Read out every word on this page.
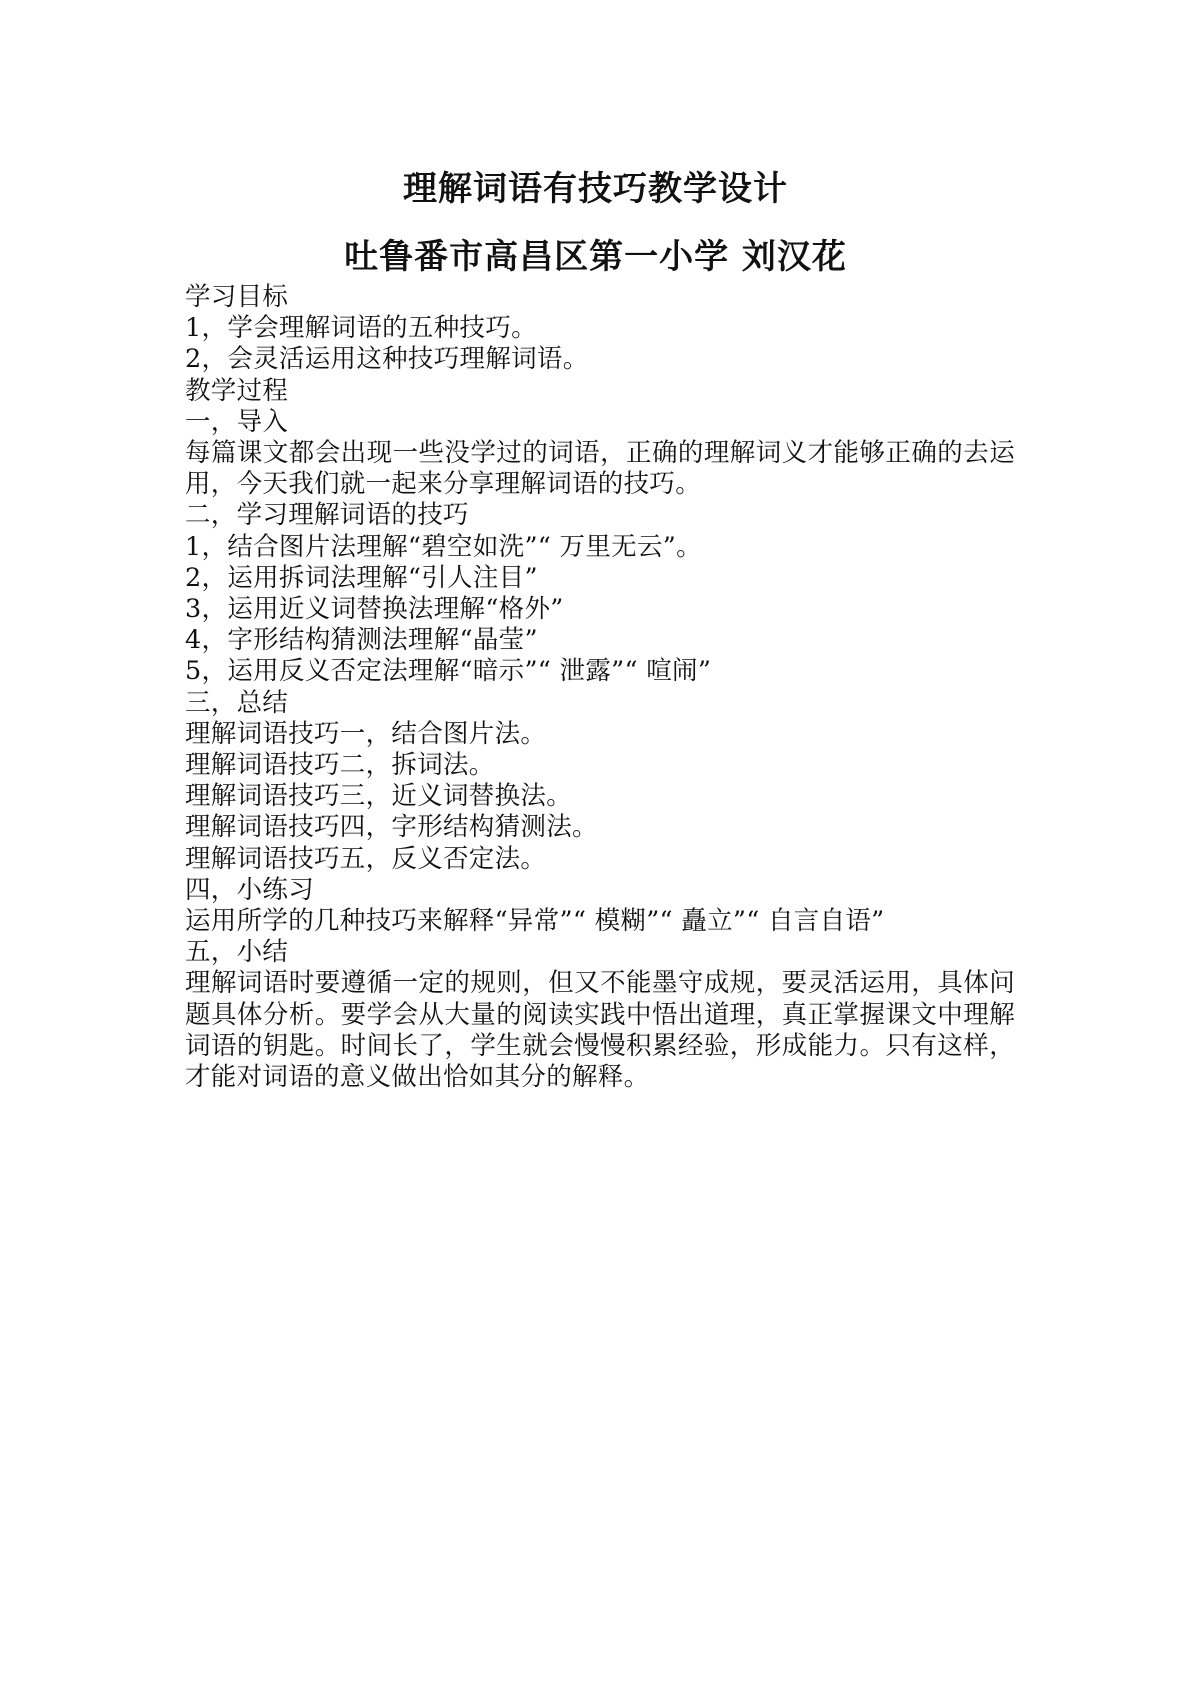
理解词语有技巧教学设计
吐鲁番市高昌区第一小学 刘汉花
学习目标
1，学会理解词语的五种技巧。
2，会灵活运用这种技巧理解词语。
教学过程
一，导入
每篇课文都会出现一些没学过的词语，正确的理解词义才能够正确的去运用，今天我们就一起来分享理解词语的技巧。
二，学习理解词语的技巧
1，结合图片法理解“碧空如洗”“ 万里无云”。
2，运用拆词法理解“引人注目”
3，运用近义词替换法理解“格外”
4，字形结构猜测法理解“晶莹”
5，运用反义否定法理解“暗示”“ 泄露”“ 喧闹”
三，总结
理解词语技巧一，结合图片法。
理解词语技巧二，拆词法。
理解词语技巧三，近义词替换法。
理解词语技巧四，字形结构猜测法。
理解词语技巧五，反义否定法。
四，小练习
运用所学的几种技巧来解释“异常”“ 模糊”“ 矗立”“ 自言自语”
五，小结
理解词语时要遵循一定的规则，但又不能墨守成规，要灵活运用，具体问题具体分析。要学会从大量的阅读实践中悟出道理，真正掌握课文中理解词语的钥匙。时间长了，学生就会慢慢积累经验，形成能力。只有这样，才能对词语的意义做出恰如其分的解释。
